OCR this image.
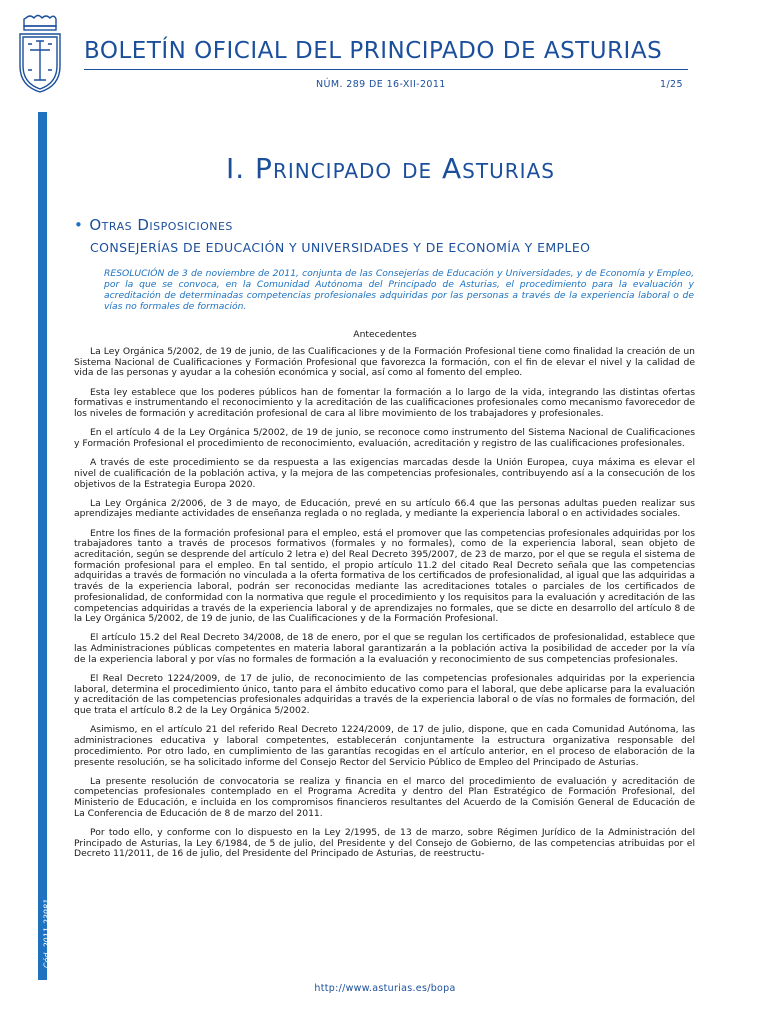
BOLETÍN OFICIAL DEL PRINCIPADO DE ASTURIAS
NÚM. 289 DE 16-XII-2011	1/25
Cód. 2011-23981
I. Principado de Asturias
• Otras Disposiciones
CONSEJERÍAS DE EDUCACIÓN Y UNIVERSIDADES Y DE ECONOMÍA Y EMPLEO

RESOLUCIÓN de 3 de noviembre de 2011, conjunta de las Consejerías de Educación y Universidades, y de Economía y Empleo, por la que se convoca, en la Comunidad Autónoma del Principado de Asturias, el procedimiento para la evaluación y acreditación de determinadas competencias profesionales adquiridas por las personas a través de la experiencia laboral o de vías no formales de formación.

Antecedentes

La Ley Orgánica 5/2002, de 19 de junio, de las Cualificaciones y de la Formación Profesional tiene como finalidad la creación de un Sistema Nacional de Cualificaciones y Formación Profesional que favorezca la formación, con el fin de elevar el nivel y la calidad de vida de las personas y ayudar a la cohesión económica y social, así como al fomento del empleo.

Esta ley establece que los poderes públicos han de fomentar la formación a lo largo de la vida, integrando las distintas ofertas formativas e instrumentando el reconocimiento y la acreditación de las cualificaciones profesionales como mecanismo favorecedor de los niveles de formación y acreditación profesional de cara al libre movimiento de los trabajadores y profesionales.

En el artículo 4 de la Ley Orgánica 5/2002, de 19 de junio, se reconoce como instrumento del Sistema Nacional de Cualificaciones y Formación Profesional el procedimiento de reconocimiento, evaluación, acreditación y registro de las cualificaciones profesionales.

A través de este procedimiento se da respuesta a las exigencias marcadas desde la Unión Europea, cuya máxima es elevar el nivel de cualificación de la población activa, y la mejora de las competencias profesionales, contribuyendo así a la consecución de los objetivos de la Estrategia Europa 2020.

La Ley Orgánica 2/2006, de 3 de mayo, de Educación, prevé en su artículo 66.4 que las personas adultas pueden realizar sus aprendizajes mediante actividades de enseñanza reglada o no reglada, y mediante la experiencia laboral o en actividades sociales.

Entre los fines de la formación profesional para el empleo, está el promover que las competencias profesionales adquiridas por los trabajadores tanto a través de procesos formativos (formales y no formales), como de la experiencia laboral, sean objeto de acreditación, según se desprende del artículo 2 letra e) del Real Decreto 395/2007, de 23 de marzo, por el que se regula el sistema de formación profesional para el empleo. En tal sentido, el propio artículo 11.2 del citado Real Decreto señala que las competencias adquiridas a través de formación no vinculada a la oferta formativa de los certificados de profesionalidad, al igual que las adquiridas a través de la experiencia laboral, podrán ser reconocidas mediante las acreditaciones totales o parciales de los certificados de profesionalidad, de conformidad con la normativa que regule el procedimiento y los requisitos para la evaluación y acreditación de las competencias adquiridas a través de la experiencia laboral y de aprendizajes no formales, que se dicte en desarrollo del artículo 8 de la Ley Orgánica 5/2002, de 19 de junio, de las Cualificaciones y de la Formación Profesional.

El artículo 15.2 del Real Decreto 34/2008, de 18 de enero, por el que se regulan los certificados de profesionalidad, establece que las Administraciones públicas competentes en materia laboral garantizarán a la población activa la posibilidad de acceder por la vía de la experiencia laboral y por vías no formales de formación a la evaluación y reconocimiento de sus competencias profesionales.

El Real Decreto 1224/2009, de 17 de julio, de reconocimiento de las competencias profesionales adquiridas por la experiencia laboral, determina el procedimiento único, tanto para el ámbito educativo como para el laboral, que debe aplicarse para la evaluación y acreditación de las competencias profesionales adquiridas a través de la experiencia laboral o de vías no formales de formación, del que trata el artículo 8.2 de la Ley Orgánica 5/2002.

Asimismo, en el artículo 21 del referido Real Decreto 1224/2009, de 17 de julio, dispone, que en cada Comunidad Autónoma, las administraciones educativa y laboral competentes, establecerán conjuntamente la estructura organizativa responsable del procedimiento. Por otro lado, en cumplimiento de las garantías recogidas en el artículo anterior, en el proceso de elaboración de la presente resolución, se ha solicitado informe del Consejo Rector del Servicio Público de Empleo del Principado de Asturias.

La presente resolución de convocatoria se realiza y financia en el marco del procedimiento de evaluación y acreditación de competencias profesionales contemplado en el Programa Acredita y dentro del Plan Estratégico de Formación Profesional, del Ministerio de Educación, e incluida en los compromisos financieros resultantes del Acuerdo de la Comisión General de Educación de La Conferencia de Educación de 8 de marzo del 2011.

Por todo ello, y conforme con lo dispuesto en la Ley 2/1995, de 13 de marzo, sobre Régimen Jurídico de la Administración del Principado de Asturias, la Ley 6/1984, de 5 de julio, del Presidente y del Consejo de Gobierno, de las competencias atribuidas por el Decreto 11/2011, de 16 de julio, del Presidente del Principado de Asturias, de reestructu-

http://www.asturias.es/bopa
